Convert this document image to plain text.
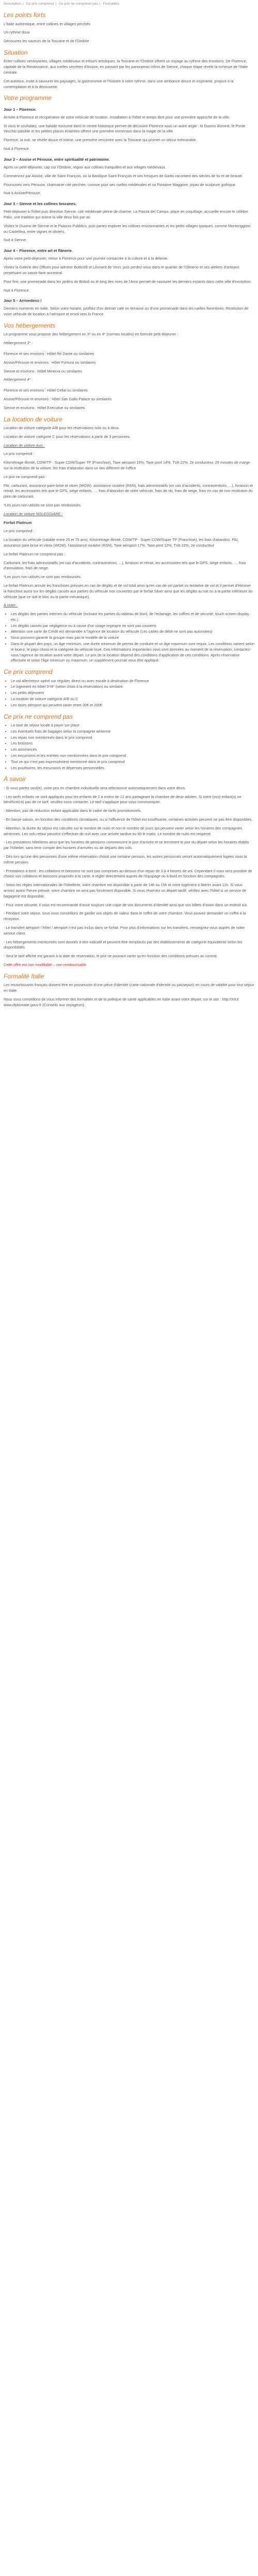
Description | Ce prix comprend | Ce prix ne comprend pas | Formalités
Les points forts

L'Italie authentique, entre collines et villages perchés

Un rythme doux

Découvrez les saveurs de la Toscane et de l'Ombrie

Situation

Entre collines verdoyantes, villages médiévaux et trésors artistiques, la Toscane et l'Ombrie offrent un voyage au rythme des émotions. De Florence, capitale de la Renaissance, aux ruelles secrètes d'Assise, en passant par les panoramas infinis de Sienne, chaque étape révèle la richesse de l'Italie centrale.

Cet autotour, invite à savourer les paysages, la gastronomie et l'histoire à votre rythme, dans une ambiance douce et inspirante, propice à la contemplation et à la découverte.

Votre programme
Jour 1 – Florence.

Arrivée à Florence et récupération de votre véhicule de location. Installation à l'hôtel et temps libre pour une première approche de la ville.

Si vous le souhaitez, une balade nocturne dans le centre historique permet de découvrir Florence sous un autre angle : le Duomo illuminé, le Ponte Vecchio paisible et les petites places éclairées offrent une première immersion dans la magie de la ville.

Florence, la nuit, se révèle douce et intime, une première rencontre avec la Toscane qui promet un séjour mémorable.

Nuit à Florence.

Jour 2 – Assise et Pérouse, entre spiritualité et patrimoine.

Après un petit-déjeuner, cap sur l'Ombrie, région aux collines tranquilles et aux villages médiévaux.

Commencez par Assise, ville de Saint François, où la Basilique Saint-François et ses fresques de Giotto racontent des siècles de foi et de beauté.

Poursuivez vers Pérouse, charmante cité perchée, connue pour ses ruelles médiévales et sa Fontaine Maggiore, joyau de sculpture gothique.

Nuit à Assise/Pérouse.

Jour 3 – Sienne et les collines toscanes.

Petit-déjeuner à l'hôtel puis direction Sienne, cité médiévale pleine de charme. La Piazza del Campo, place en coquillage, accueille encore le célèbre Palio, une tradition qui anime la ville deux fois par an.

Visitez le Duomo de Sienne et le Palazzo Pubblico, puis partez explorer les collines environnantes et les petits villages typiques, comme Monteriggioni ou Castellina, entre vignes et oliviers.

Nuit à Sienne.

Jour 4 – Florence, entre art et flânerie.

Après votre petit-déjeuner, retour à Florence pour une journée consacrée à la culture et à la détente.

Visitez la Galerie des Offices pour admirer Botticelli et Léonard de Vinci, puis perdez-vous dans le quartier de l'Oltrarno et ses ateliers d'artisans perpétuant un savoir-faire ancestral.

Pour finir, une promenade dans les jardins de Boboli ou le long des rives de l'Arno permet de savourer les derniers instants dans cette ville d'exception.

Nuit à Florence.

Jour 5 – Arrivederci !

Derniers moments en Italie. Selon votre horaire, profitez d'un dernier café en terrasse ou d'une promenade dans les ruelles florentines. Restitution de votre véhicule de location à l'aéroport et envol vers la France.

Vos hébergements

Le programme vous propose des hébergement en 3* ou en 4* (normes locales) en formule petit-déjeuner :

Hébergement 3* :

Florence et ses environs : Hôtel Re Dante ou similaires

Assise/Pérouse et environs : Hôtel Fortuna ou similaires

Sienne et environs : Hôtel Minerva ou similaires

Hébergement 4* :

Florence et ses environs : Hôtel Cellai ou similaires

Assise/Pérouse et environs : Hôtel San Gallo Palace ou similaires

Sienne et environs : Hôtel Executive ou similaires

La location de voiture

Location de voiture catégorie A/B pour les réservations solo ou à deux.

Location de voiture catégorie C pour les réservations à partir de 3 personnes.

Location de voiture Avis :

Le prix comprend :

Kilométrage illimité, CDW/TP - Super CDW/Super TP (Franchise), Taxe aéroport 16%, Taxe pont 14%, TVA 22%, 2e conducteur, 29 minutes de marge sur la restitution de la voiture, les frais d'abandon dans un lieu différent de l'office

Le prix ne comprend pas :

PAI, carburant, assurance pare-brise et vitres (WOW), assistance routière (RSN), frais administratifs (en cas d'accidents, contraventions, ...), livraison et retrait, les accessoires tels que le GPS, siège enfants, ..., frais d'abandon de votre véhicule, frais de ski, frais de neige, frais en cas de non restitution du plein de carburant.

*Les jours non utilisés ne sont pas remboursés.

Location de voiture NOLEGGIARE :

Forfait Platinum

Le prix comprend :

La location du véhicule (valable entre 25 et 75 ans), Kilométrage illimité, CDW/TP - Super CDW/Super TP (Franchise), les frais d'abandon, PAI, assurance pare-brise et vitres (WOW), l'assistance routière (RSN), Taxe aéroport 17%, Taxe pont 12%, TVA 22%, 2e conducteur

Le forfait Platinum ne comprend pas :

Carburant, les frais administratifs (en cas d'accidents, contraventions, ...), livraison et retrait, les accessoires tels que le GPS, siège enfants, ..., frais d'annulation, frais de neige.

*Les jours non utilisés ne sont pas remboursés.

Le forfait Platinum annule les franchises prévues en cas de dégâts et de vol total ainsi qu'en cas de vol partiel ou tentative de vol et il permet d'éliminer la franchise aussi sur les dégâts causés aux parties du véhicule non couvertes par le forfait Silver ainsi que les dégâts au toit ou à la partie inférieure du véhicule (que ce soit le bloc ou la partie mécanique).

À noter :

• Les dégâts des parties internes du véhicule (incluant les parties du tableau de bord, de l'éclairage, les coffres et de sécurité, touch screen display, etc.).
• Les dégâts causés par négligence ou à cause d'un usage impropre ne sont pas couverts
• Attention une carte de Crédit est demandée à l'agence de location du véhicule (Les cartes de débit ne sont pas autorisées)
• Nous pouvons garantir la groupe mais pas le modèle de la voiture
• Dans le plupart des pays, un âge minimum, une durée minimum de permis de conduire et un âge maximum sont requis. Les conditions varient selon le loueur, le pays choisi et la catégorie du véhicule loué. Ces informations importantes vous sont données au moment de la réservation, contactez-vous l'agence de location avant votre départ. Le prix de la location dépend des conditions d'application de ces conditions. Après réservation effectuée et selon l'âge minimum ou maximum, un supplément pourrait vous être appliqué.
Ce prix comprend
• Le vol aller/retour opéré sur régulier, direct ou avec escale à destination de Florence
• Le logement en hôtel 3*/4* (selon choix à la réservation) ou similaire
• Les petits déjeuners
• La location de voiture catégorie A/B ou C
• Les taxes aéroport qui peuvent varier entre 30€ et 200€
Ce prix ne comprend pas
• La taxe de séjour locale à payer sur place
• Les éventuels frais de bagages selon la compagnie aérienne
• Les repas non mentionnés dans le prix comprend
• Les boissons
• Les assurances
• Les excursions et les entrées non mentionnées dans le prix comprend
• Tout ce qui n'est pas expressément mentionné dans le prix comprend
• Les pourboires, les excursions et dépenses personnelles
À savoir

- Si vous partez seul(e), votre prix en chambre individuelle sera sélectionné automatiquement dans votre devis.

- Les tarifs enfants ne sont appliqués pour les enfants de 2 à moins de 12 ans partageant la chambre de deux adultes. Si votre (vos) enfant(s) ne bénéficie(nt) pas de ce tarif, veuillez nous contacter. Le tarif s'applique pour vous communiquer.

- Attention, pas de réduction enfant applicable dans le cadre de tarifs promotionnels.

- En basse saison, en fonction des conditions climatiques, ou si l'affluence de l'hôtel est insuffisante, certaines activités peuvent ne pas être disponibles.

- Attention, la durée du séjour est calculée sur le nombre de nuits et non le nombre de jours qui peuvent varier selon les horaires des compagnies aériennes. Les vols retour peuvent s'effectuer de nuit avec une arrivée tardive ou tôt le matin. Le nombre de nuits est respecté.

- Les prestations hôtelières ainsi que les horaires de pensions commencent le jour d'arrivée et se terminent le jour du départ selon les horaires établis par l'hôtelier, sans tenir compte des horaires d'arrivées ou de départs des vols.

- Dès lors qu'une des personnes d'une même réservation choisit une certaine pension, les autres personnes seront automatiquement logées sous la même pension.

- Prestations à bord : les collations et boissons ne sont pas comprises au-dessus d'un repas de 3 à 4 heures de vol. Cependant il vous sera possible de choisir vos collations et boissons proposés à la carte, à régler directement auprès de l'équipage ou à bord en fonction des compagnies.

- Selon les règles internationales de l'hôtellerie, votre chambre est disponible à partir de 14h ou 15h et votre logement à libérer avant 11h. Si vous arrivez avant l'heure prévue, votre chambre ne sera pas forcément disponible. Si vous réservez un départ tardif, vérifiez avec l'hôtel si un service de bagagerie est disponible.

- Pour votre sécurité, il vous est recommandé d'avoir toujours une copie de vos documents d'identité ainsi que vos billets d'avion dans un endroit sûr.

- Pendant votre séjour, nous vous conseillons de garder vos objets de valeur dans le coffre de votre chambre. Vous pouvez demander un coffre à la réception.

- Le transfert aéroport / hôtel / aéroport n'est pas inclus dans ce forfait. Pour plus d'informations sur les transferts, renseignez-vous auprès de notre service client.

- Les hébergements mentionnés sont donnés à titre indicatif et peuvent être remplacés par des établissements de catégorie équivalente selon les disponibilités.

- Seul le tarif affiché est garanti à la date de réservation, le prix ne pouvant varier qu'en fonction des conditions prévues au contrat.

Cette offre est non modifiable – non remboursable

Formalité Italie

Les ressortissants français doivent être en possession d'une pièce d'identité (carte nationale d'identité ou passeport) en cours de validité pour tout séjour en Italie.

Nous vous conseillons de vous informer des formalités et de la politique de santé applicables en Italie avant votre départ, sur le site : http://XXX www.diplomatie.gouv.fr (Conseils aux voyageurs)
